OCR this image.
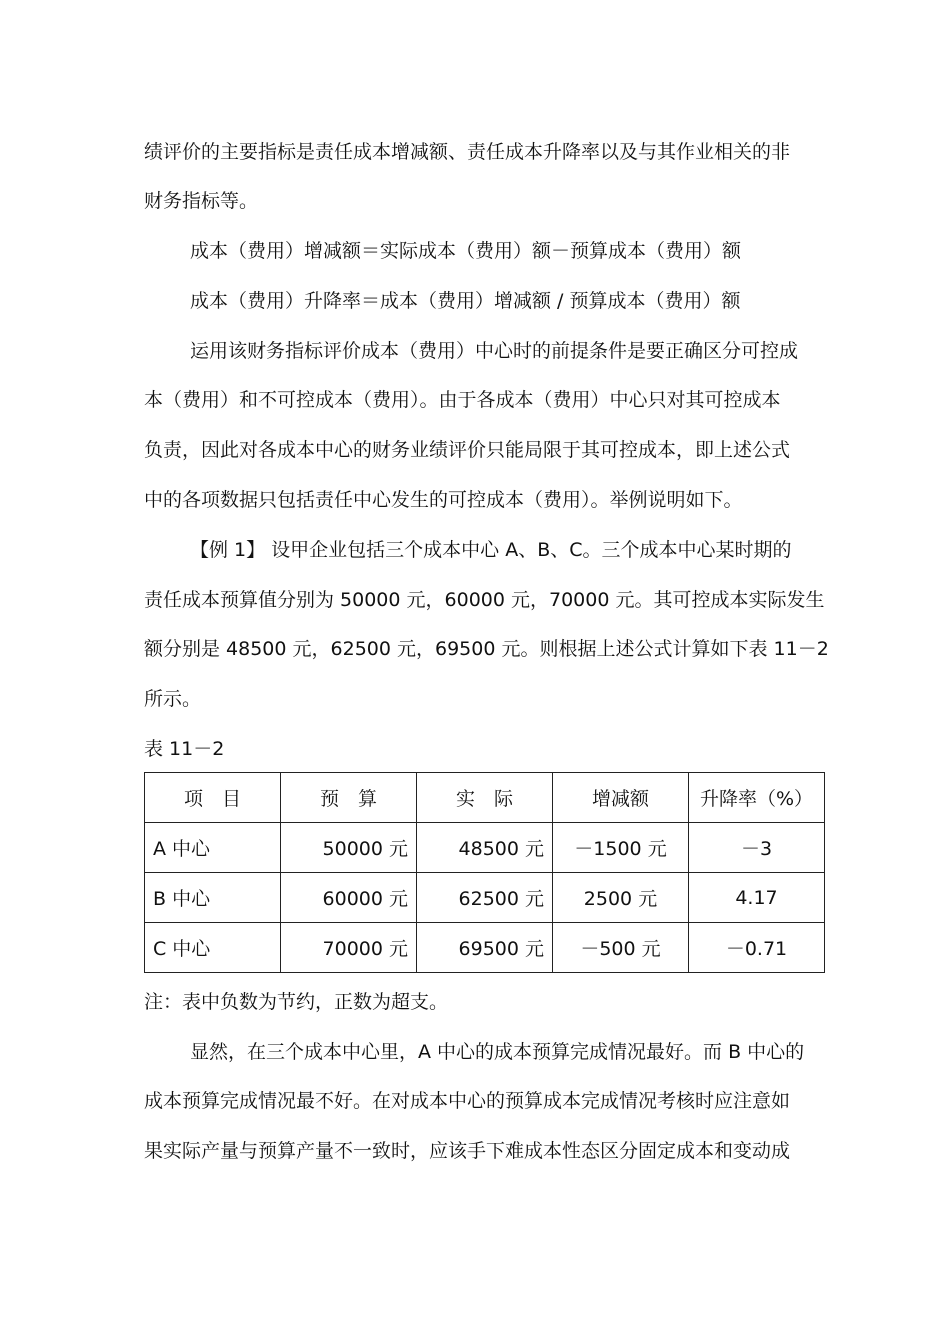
绩评价的主要指标是责任成本增减额、责任成本升降率以及与其作业相关的非
财务指标等。
成本（费用）增减额＝实际成本（费用）额－预算成本（费用）额
成本（费用）升降率＝成本（费用）增减额 / 预算成本（费用）额
运用该财务指标评价成本（费用）中心时的前提条件是要正确区分可控成
本（费用）和不可控成本（费用）。由于各成本（费用）中心只对其可控成本
负责，因此对各成本中心的财务业绩评价只能局限于其可控成本，即上述公式
中的各项数据只包括责任中心发生的可控成本（费用）。举例说明如下。
【例 1】 设甲企业包括三个成本中心 A、B、C。三个成本中心某时期的
责任成本预算值分别为 50000 元，60000 元，70000 元。其可控成本实际发生
额分别是 48500 元，62500 元，69500 元。则根据上述公式计算如下表 11－2
所示。
表 11－2
项　目	预　算	实　际	增减额	升降率（%）
A 中心	50000 元	48500 元	－1500 元	－3
B 中心	60000 元	62500 元	2500 元	4.17
C 中心	70000 元	69500 元	－500 元	－0.71
注：表中负数为节约，正数为超支。
显然，在三个成本中心里，A 中心的成本预算完成情况最好。而 B 中心的
成本预算完成情况最不好。在对成本中心的预算成本完成情况考核时应注意如
果实际产量与预算产量不一致时，应该手下难成本性态区分固定成本和变动成
